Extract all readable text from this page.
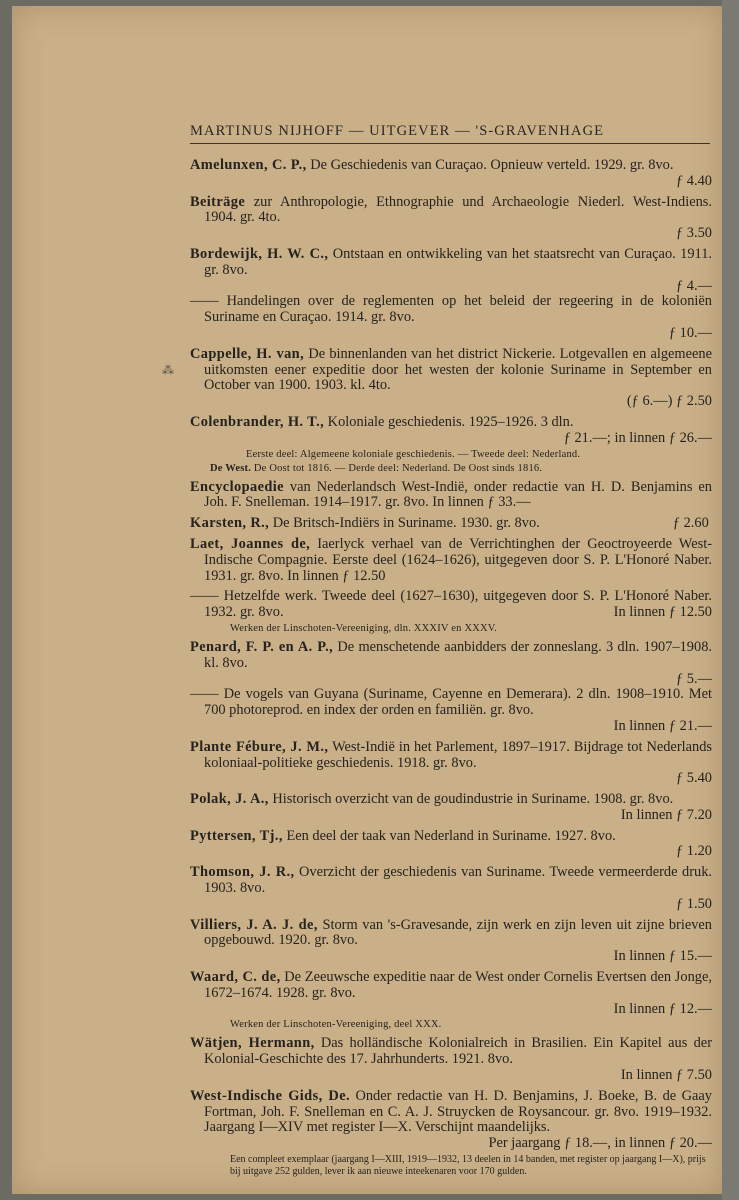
MARTINUS NIJHOFF — UITGEVER — 'S-GRAVENHAGE

Amelunxen, C. P., De Geschiedenis van Curaçao. Opnieuw verteld. 1929. gr. 8vo.
ƒ 4.40

Beiträge zur Anthropologie, Ethnographie und Archaeologie Niederl. West-Indiens. 1904. gr. 4to.
ƒ 3.50

Bordewijk, H. W. C., Ontstaan en ontwikkeling van het staatsrecht van Curaçao. 1911. gr. 8vo.
ƒ 4.—

—— Handelingen over de reglementen op het beleid der regeering in de koloniën Suriname en Curaçao. 1914. gr. 8vo.
ƒ 10.—

Cappelle, H. van, De binnenlanden van het district Nickerie. Lotgevallen en algemeene uitkomsten eener expeditie door het westen der kolonie Suriname in September en October van 1900. 1903. kl. 4to.
(ƒ 6.—) ƒ 2.50

Colenbrander, H. T., Koloniale geschiedenis. 1925–1926. 3 dln.
ƒ 21.—; in linnen ƒ 26.—

Eerste deel: Algemeene koloniale geschiedenis. — Tweede deel: Nederland.
De West. De Oost tot 1816. — Derde deel: Nederland. De Oost sinds 1816.

Encyclopaedie van Nederlandsch West-Indië, onder redactie van H. D. Benjamins en Joh. F. Snelleman. 1914–1917. gr. 8vo. In linnen ƒ 33.—

Karsten, R., De Britsch-Indiërs in Suriname. 1930. gr. 8vo.	ƒ 2.60

Laet, Joannes de, Iaerlyck verhael van de Verrichtinghen der Geoctroyeerde West-Indische Compagnie. Eerste deel (1624–1626), uitgegeven door S. P. L'Honoré Naber. 1931. gr. 8vo. In linnen ƒ 12.50

—— Hetzelfde werk. Tweede deel (1627–1630), uitgegeven door S. P. L'Honoré Naber. 1932. gr. 8vo.	In linnen ƒ 12.50

Werken der Linschoten-Vereeniging, dln. XXXIV en XXXV.

Penard, F. P. en A. P., De menschetende aanbidders der zonneslang. 3 dln. 1907–1908. kl. 8vo.
ƒ 5.—

—— De vogels van Guyana (Suriname, Cayenne en Demerara). 2 dln. 1908–1910. Met 700 photoreprod. en index der orden en familiën. gr. 8vo.
In linnen ƒ 21.—

Plante Fébure, J. M., West-Indië in het Parlement, 1897–1917. Bijdrage tot Nederlands koloniaal-politieke geschiedenis. 1918. gr. 8vo.
ƒ 5.40

Polak, J. A., Historisch overzicht van de goudindustrie in Suriname. 1908. gr. 8vo.
In linnen ƒ 7.20

Pyttersen, Tj., Een deel der taak van Nederland in Suriname. 1927. 8vo.
ƒ 1.20

Thomson, J. R., Overzicht der geschiedenis van Suriname. Tweede vermeerderde druk. 1903. 8vo.
ƒ 1.50

Villiers, J. A. J. de, Storm van 's-Gravesande, zijn werk en zijn leven uit zijne brieven opgebouwd. 1920. gr. 8vo.
In linnen ƒ 15.—

Waard, C. de, De Zeeuwsche expeditie naar de West onder Cornelis Evertsen den Jonge, 1672–1674. 1928. gr. 8vo.
In linnen ƒ 12.—

Werken der Linschoten-Vereeniging, deel XXX.

Wätjen, Hermann, Das holländische Kolonialreich in Brasilien. Ein Kapitel aus der Kolonial-Geschichte des 17. Jahrhunderts. 1921. 8vo.
In linnen ƒ 7.50

West-Indische Gids, De. Onder redactie van H. D. Benjamins, J. Boeke, B. de Gaay Fortman, Joh. F. Snelleman en C. A. J. Struycken de Roysancour. gr. 8vo. 1919–1932. Jaargang I—XIV met register I—X. Verschijnt maandelijks.
Per jaargang ƒ 18.—, in linnen ƒ 20.—

Een compleet exemplaar (jaargang I—XIII, 1919—1932, 13 deelen in 14 banden, met register op jaargang I—X), prijs bij uitgave 252 gulden, lever ik aan nieuwe inteekenaren voor 170 gulden.
⁂
